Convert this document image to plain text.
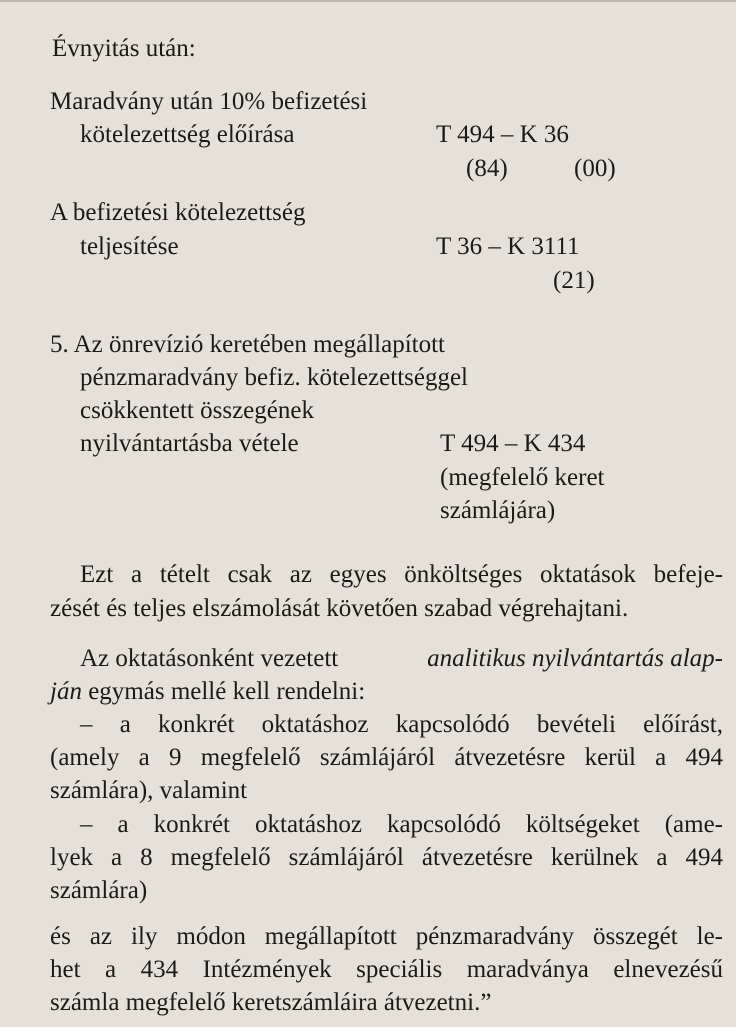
Évnyitás után:
Maradvány után 10% befizetési
kötelezettség előírása	T 494 – K 36
(84)	(00)
A befizetési kötelezettség
teljesítése	T 36 – K 3111
(21)
5. Az önrevízió keretében megállapított
pénzmaradvány befiz. kötelezettséggel
csökkentett összegének
nyilvántartásba vétele	T 494 – K 434
(megfelelő keret
számlájára)
Ezt a tételt csak az egyes önköltséges oktatások befeje-
zését és teljes elszámolását követően szabad végrehajtani.
Az oktatásonként vezetett	analitikus nyilvántartás alap-
ján egymás mellé kell rendelni:
– a konkrét oktatáshoz kapcsolódó bevételi előírást,
(amely a 9 megfelelő számlájáról átvezetésre kerül a 494
számlára), valamint
– a konkrét oktatáshoz kapcsolódó költségeket (ame-
lyek a 8 megfelelő számlájáról átvezetésre kerülnek a 494
számlára)
és az ily módon megállapított pénzmaradvány összegét le-
het a 434 Intézmények speciális maradványa elnevezésű
számla megfelelő keretszámláira átvezetni.”
